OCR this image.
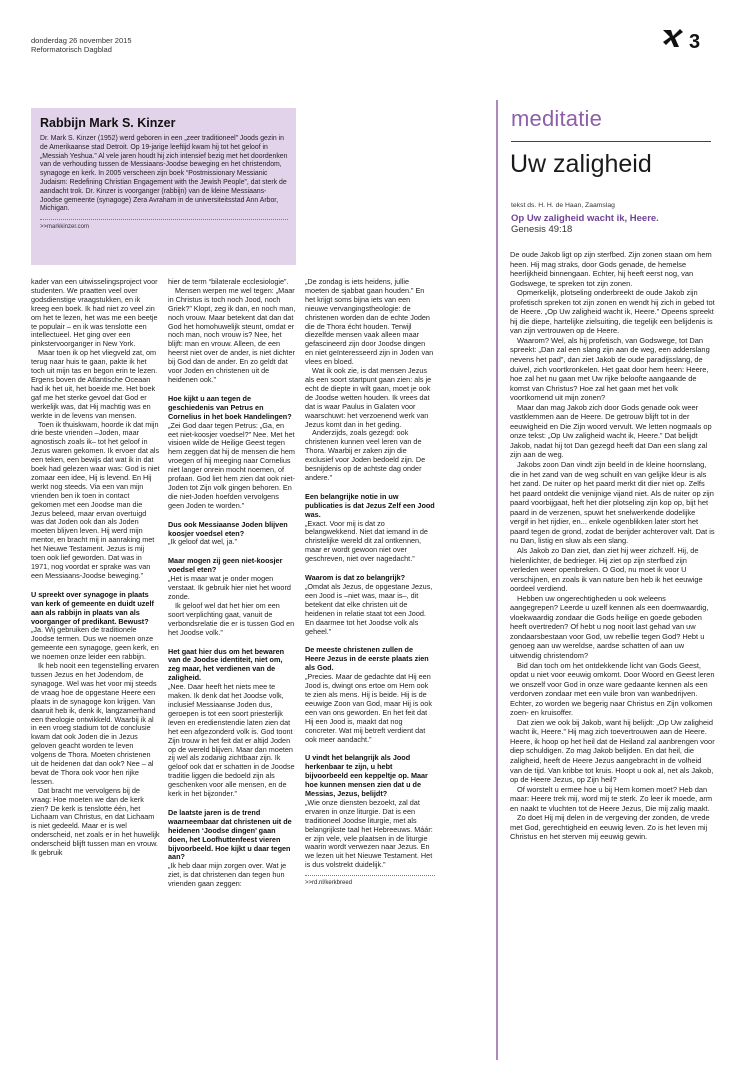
donderdag 26 november 2015
Reformatorisch Dagblad	3
Rabbijn Mark S. Kinzer

Dr. Mark S. Kinzer (1952) werd geboren in een „zeer traditioneel” Joods gezin in de Amerikaanse stad Detroit. Op 19-jarige leeftijd kwam hij tot het geloof in „Messiah Yeshua.” Al vele jaren houdt hij zich intensief bezig met het doordenken van de verhouding tussen de Messiaans-Joodse beweging en het christendom, synagoge en kerk. In 2005 verscheen zijn boek “Postmissionary Messianic Judaism: Redefining Christian Engagement with the Jewish People”, dat sterk de aandacht trok. Dr. Kinzer is voorganger (rabbijn) van de kleine Messiaans-Joodse gemeente (synagoge) Zera Avraham in de universiteitsstad Ann Arbor, Michigan.

>>markkinzer.com

kader van een uitwisselingsproject voor studenten. We praatten veel over godsdienstige vraagstukken, en ik kreeg een boek. Ik had niet zo veel zin om het te lezen, het was me een beetje te populair – en ik was tenslotte een intellectueel. Het ging over een pinkstervoorganger in New York.

Maar toen ik op het vliegveld zat, om terug naar huis te gaan, pakte ik het toch uit mijn tas en begon erin te lezen. Ergens boven de Atlantische Oceaan had ik het uit, het boeide me. Het boek gaf me het sterke gevoel dat God er werkelijk was, dat Hij machtig was en werkte in de levens van mensen.

Toen ik thuiskwam, hoorde ik dat mijn drie beste vrienden –Joden, maar agnostisch zoals ik– tot het geloof in Jezus waren gekomen. Ik ervoer dat als een teken, een bewijs dat wat ik in dat boek had gelezen waar was: God is niet zomaar een idee, Hij is levend. En Hij werkt nog steeds. Via een van mijn vrienden ben ik toen in contact gekomen met een Joodse man die Jezus beleed, maar ervan overtuigd was dat Joden ook dan als Joden moeten blijven leven. Hij werd mijn mentor, en bracht mij in aanraking met het Nieuwe Testament. Jezus is mij toen ook lief geworden. Dat was in 1971, nog voordat er sprake was van een Messiaans-Joodse beweging.”

U spreekt over synagoge in plaats van kerk of gemeente en duidt uzelf aan als rabbijn in plaats van als voorganger of predikant. Bewust?

„Ja. Wij gebruiken de traditionele Joodse termen. Dus we noemen onze gemeente een synagoge, geen kerk, en we noemen onze leider een rabbijn.

Ik heb nooit een tegenstelling ervaren tussen Jezus en het Jodendom, de synagoge. Wel was het voor mij steeds de vraag hoe de opgestane Heere een plaats in de synagoge kon krijgen. Van daaruit heb ik, denk ik, langzamerhand een theologie ontwikkeld. Waarbij ik al in een vroeg stadium tot de conclusie kwam dat ook Joden die in Jezus geloven geacht worden te leven volgens de Thora. Moeten christenen uit de heidenen dat dan ook? Nee – al bevat de Thora ook voor hen rijke lessen.

Dat bracht me vervolgens bij de vraag: Hoe moeten we dan de kerk zien? De kerk is tenslotte één, het Lichaam van Christus, en dat Lichaam is niet gedeeld. Maar er is wel onderscheid, net zoals er in het huwelijk onderscheid blijft tussen man en vrouw. Ik gebruik

hier de term “bilaterale ecclesiologie”.

Mensen werpen me wel tegen: „Maar in Christus is toch noch Jood, noch Griek?” Klopt, zeg ik dan, en noch man, noch vrouw. Maar betekent dat dan dat God het homohuwelijk steunt, omdat er noch man, noch vrouw is? Nee, het blijft: man en vrouw. Alleen, de een heerst niet over de ander, is niet dichter bij God dan de ander. En zo geldt dat voor Joden en christenen uit de heidenen ook.”

Hoe kijkt u aan tegen de geschiedenis van Petrus en Cornelius in het boek Handelingen?

„Zei God daar tegen Petrus: „Ga, en eet niet-koosjer voedsel?” Nee. Met het visioen wilde de Heilige Geest tegen hem zeggen dat hij de mensen die hem vroegen of hij meeging naar Cornelius niet langer onrein mocht noemen, of profaan. God liet hem zien dat ook niet-Joden tot Zijn volk gingen behoren. En die niet-Joden hoefden vervolgens geen Joden te worden.”

Dus ook Messiaanse Joden blijven koosjer voedsel eten?

„Ik geloof dat wel, ja.”

Maar mogen zij geen niet-koosjer voedsel eten?

„Het is maar wat je onder mogen verstaat. Ik gebruik hier niet het woord zonde.

Ik geloof wel dat het hier om een soort verplichting gaat, vanuit de verbondsrelatie die er is tussen God en het Joodse volk.”

Het gaat hier dus om het bewaren van de Joodse identiteit, niet om, zeg maar, het verdienen van de zaligheid.

„Nee. Daar heeft het niets mee te maken. Ik denk dat het Joodse volk, inclusief Messiaanse Joden dus, geroepen is tot een soort priesterlijk leven en eredienstendie laten zien dat het een afgezonderd volk is. God toont Zijn trouw in het feit dat er altijd Joden op de wereld blijven. Maar dan moeten zij wel als zodanig zichtbaar zijn. Ik geloof ook dat er schatten in de Joodse traditie liggen die bedoeld zijn als geschenken voor alle mensen, en de kerk in het bijzonder.”

De laatste jaren is de trend waarneembaar dat christenen uit de heidenen ‘Joodse dingen’ gaan doen, het Loofhuttenfeest vieren bijvoorbeeld. Hoe kijkt u daar tegen aan?

„Ik heb daar mijn zorgen over. Wat je ziet, is dat christenen dan tegen hun vrienden gaan zeggen:

„De zondag is iets heidens, jullie moeten de sjabbat gaan houden.” En het krijgt soms bijna iets van een nieuwe vervangingstheologie: de christenen worden dan de echte Joden die de Thora écht houden. Terwijl diezelfde mensen vaak alleen maar gefascineerd zijn door Joodse dingen en niet geïnteresseerd zijn in Joden van vlees en bloed.

Wat ik ook zie, is dat mensen Jezus als een soort startpunt gaan zien: als je echt de diepte in wilt gaan, moet je ook de Joodse wetten houden. Ik vrees dat dat is waar Paulus in Galaten voor waarschuwt: het verzoenend werk van Jezus komt dan in het geding.

Anderzijds, zoals gezegd: ook christenen kunnen veel leren van de Thora. Waarbij er zaken zijn die exclusief voor Joden bedoeld zijn. De besnijdenis op de achtste dag onder andere.”

Een belangrijke notie in uw publicaties is dat Jezus Zelf een Jood was.

„Exact. Voor mij is dat zo belangwekkend. Niet dat iemand in de christelijke wereld dit zal ontkennen, maar er wordt gewoon niet over geschreven, niet over nagedacht.”

Waarom is dat zo belangrijk?

„Omdat als Jezus, de opgestane Jezus, een Jood is –niet was, maar is–, dit betekent dat elke christen uit de heidenen in relatie staat tot een Jood. En daarmee tot het Joodse volk als geheel.”

De meeste christenen zullen de Heere Jezus in de eerste plaats zien als God.

„Precies. Maar de gedachte dat Hij een Jood is, dwingt ons ertoe om Hem ook te zien als mens. Hij is beide. Hij is de eeuwige Zoon van God, maar Hij is ook een van ons geworden. En het feit dat Hij een Jood is, maakt dat nog concreter. Wat mij betreft verdient dat ook meer aandacht.”

U vindt het belangrijk als Jood herkenbaar te zijn, u hebt bijvoorbeeld een keppeltje op. Maar hoe kunnen mensen zien dat u de Messias, Jezus, belijdt?

„Wie onze diensten bezoekt, zal dat ervaren in onze liturgie. Dat is een traditioneel Joodse liturgie, met als belangrijkste taal het Hebreeuws. Máár: er zijn vele, vele plaatsen in de liturgie waarin wordt verwezen naar Jezus. En we lezen uit het Nieuwe Testament. Het is dus volstrekt duidelijk.”

>>rd.nl/kerkbreed
meditatie
Uw zaligheid
tekst ds. H. H. de Haan, Zaamslag
Op Uw zaligheid wacht ik, Heere.
Genesis 49:18

De oude Jakob ligt op zijn sterfbed. Zijn zonen staan om hem heen. Hij mag straks, door Gods genade, de hemelse heerlijkheid binnengaan. Echter, hij heeft eerst nog, van Godswege, te spreken tot zijn zonen.

Opmerkelijk, plotseling onderbreekt de oude Jakob zijn profetisch spreken tot zijn zonen en wendt hij zich in gebed tot de Heere. „Op Uw zaligheid wacht ik, Heere.” Opeens spreekt hij die diepe, hartelijke zielsuiting, die tegelijk een belijdenis is van zijn vertrouwen op de Heere.

Waarom? Wel, als hij profetisch, van Godswege, tot Dan spreekt: „Dan zal een slang zijn aan de weg, een adderslang nevens het pad”, dan ziet Jakob de oude paradijsslang, de duivel, zich voortkronkelen. Het gaat door hem heen: Heere, hoe zal het nu gaan met Uw rijke beloofte aangaande de komst van Christus? Hoe zal het gaan met het volk voortkomend uit mijn zonen?

Maar dan mag Jakob zich door Gods genade ook weer vastklemmen aan de Heere. De getrouw blijft tot in der eeuwigheid en Die Zijn woord vervult. We letten nogmaals op onze tekst: „Op Uw zaligheid wacht ik, Heere.” Dat belijdt Jakob, nadat hij tot Dan gezegd heeft dat Dan een slang zal zijn aan de weg.

Jakobs zoon Dan vindt zijn beeld in de kleine hoornslang, die in het zand van de weg schuilt en van gelijke kleur is als het zand. De ruiter op het paard merkt dit dier niet op. Zelfs het paard ontdekt die venijnige vijand niet. Als de ruiter op zijn paard voorbijgaat, heft het dier plotseling zijn kop op, bijt het paard in de verzenen, spuwt het snelwerkende dodelijke vergif in het rijdier, en... enkele ogenblikken later stort het paard tegen de grond, zodat de berijder achterover valt. Dat is nu Dan, listig en sluw als een slang.

Als Jakob zo Dan ziet, dan ziet hij weer zichzelf. Hij, de hielenlichter, de bedrieger. Hij ziet op zijn sterfbed zijn verleden weer openbreken. O God, nu moet ik voor U verschijnen, en zoals ik van nature ben heb ik het eeuwige oordeel verdiend.

Hebben uw ongerechtigheden u ook weleens aangegrepen? Leerde u uzelf kennen als een doemwaardig, vloekwaardig zondaar die Gods heilige en goede geboden heeft overtreden? Of hebt u nog nooit last gehad van uw zondaarsbestaan voor God, uw rebellie tegen God? Hebt u genoeg aan uw wereldse, aardse schatten of aan uw uitwendig christendom?

Bid dan toch om het ontdekkende licht van Gods Geest, opdat u niet voor eeuwig omkomt. Door Woord en Geest leren we onszelf voor God in onze ware gedaante kennen als een verdorven zondaar met een vuile bron van wanbedrijven. Echter, zo worden we begerig naar Christus en Zijn volkomen zoen- en kruisoffer.

Dat zien we ook bij Jakob, want hij belijdt: „Op Uw zaligheid wacht ik, Heere.” Hij mag zich toevertrouwen aan de Heere. Heere, ik hoop op het heil dat de Heiland zal aanbrengen voor diep schuldigen. Zo mag Jakob belijden. En dat heil, die zaligheid, heeft de Heere Jezus aangebracht in de volheid van de tijd. Van kribbe tot kruis. Hoopt u ook al, net als Jakob, op de Heere Jezus, op Zijn heil?

Of worstelt u ermee hoe u bij Hem komen moet? Heb dan maar: Heere trek mij, word mij te sterk. Zo leer ik moede, arm en naakt te vluchten tot de Heere Jezus, Die mij zalig maakt.

Zo doet Hij mij delen in de vergeving der zonden, de vrede met God, gerechtigheid en eeuwig leven. Zo is het leven mij Christus en het sterven mij eeuwig gewin.
